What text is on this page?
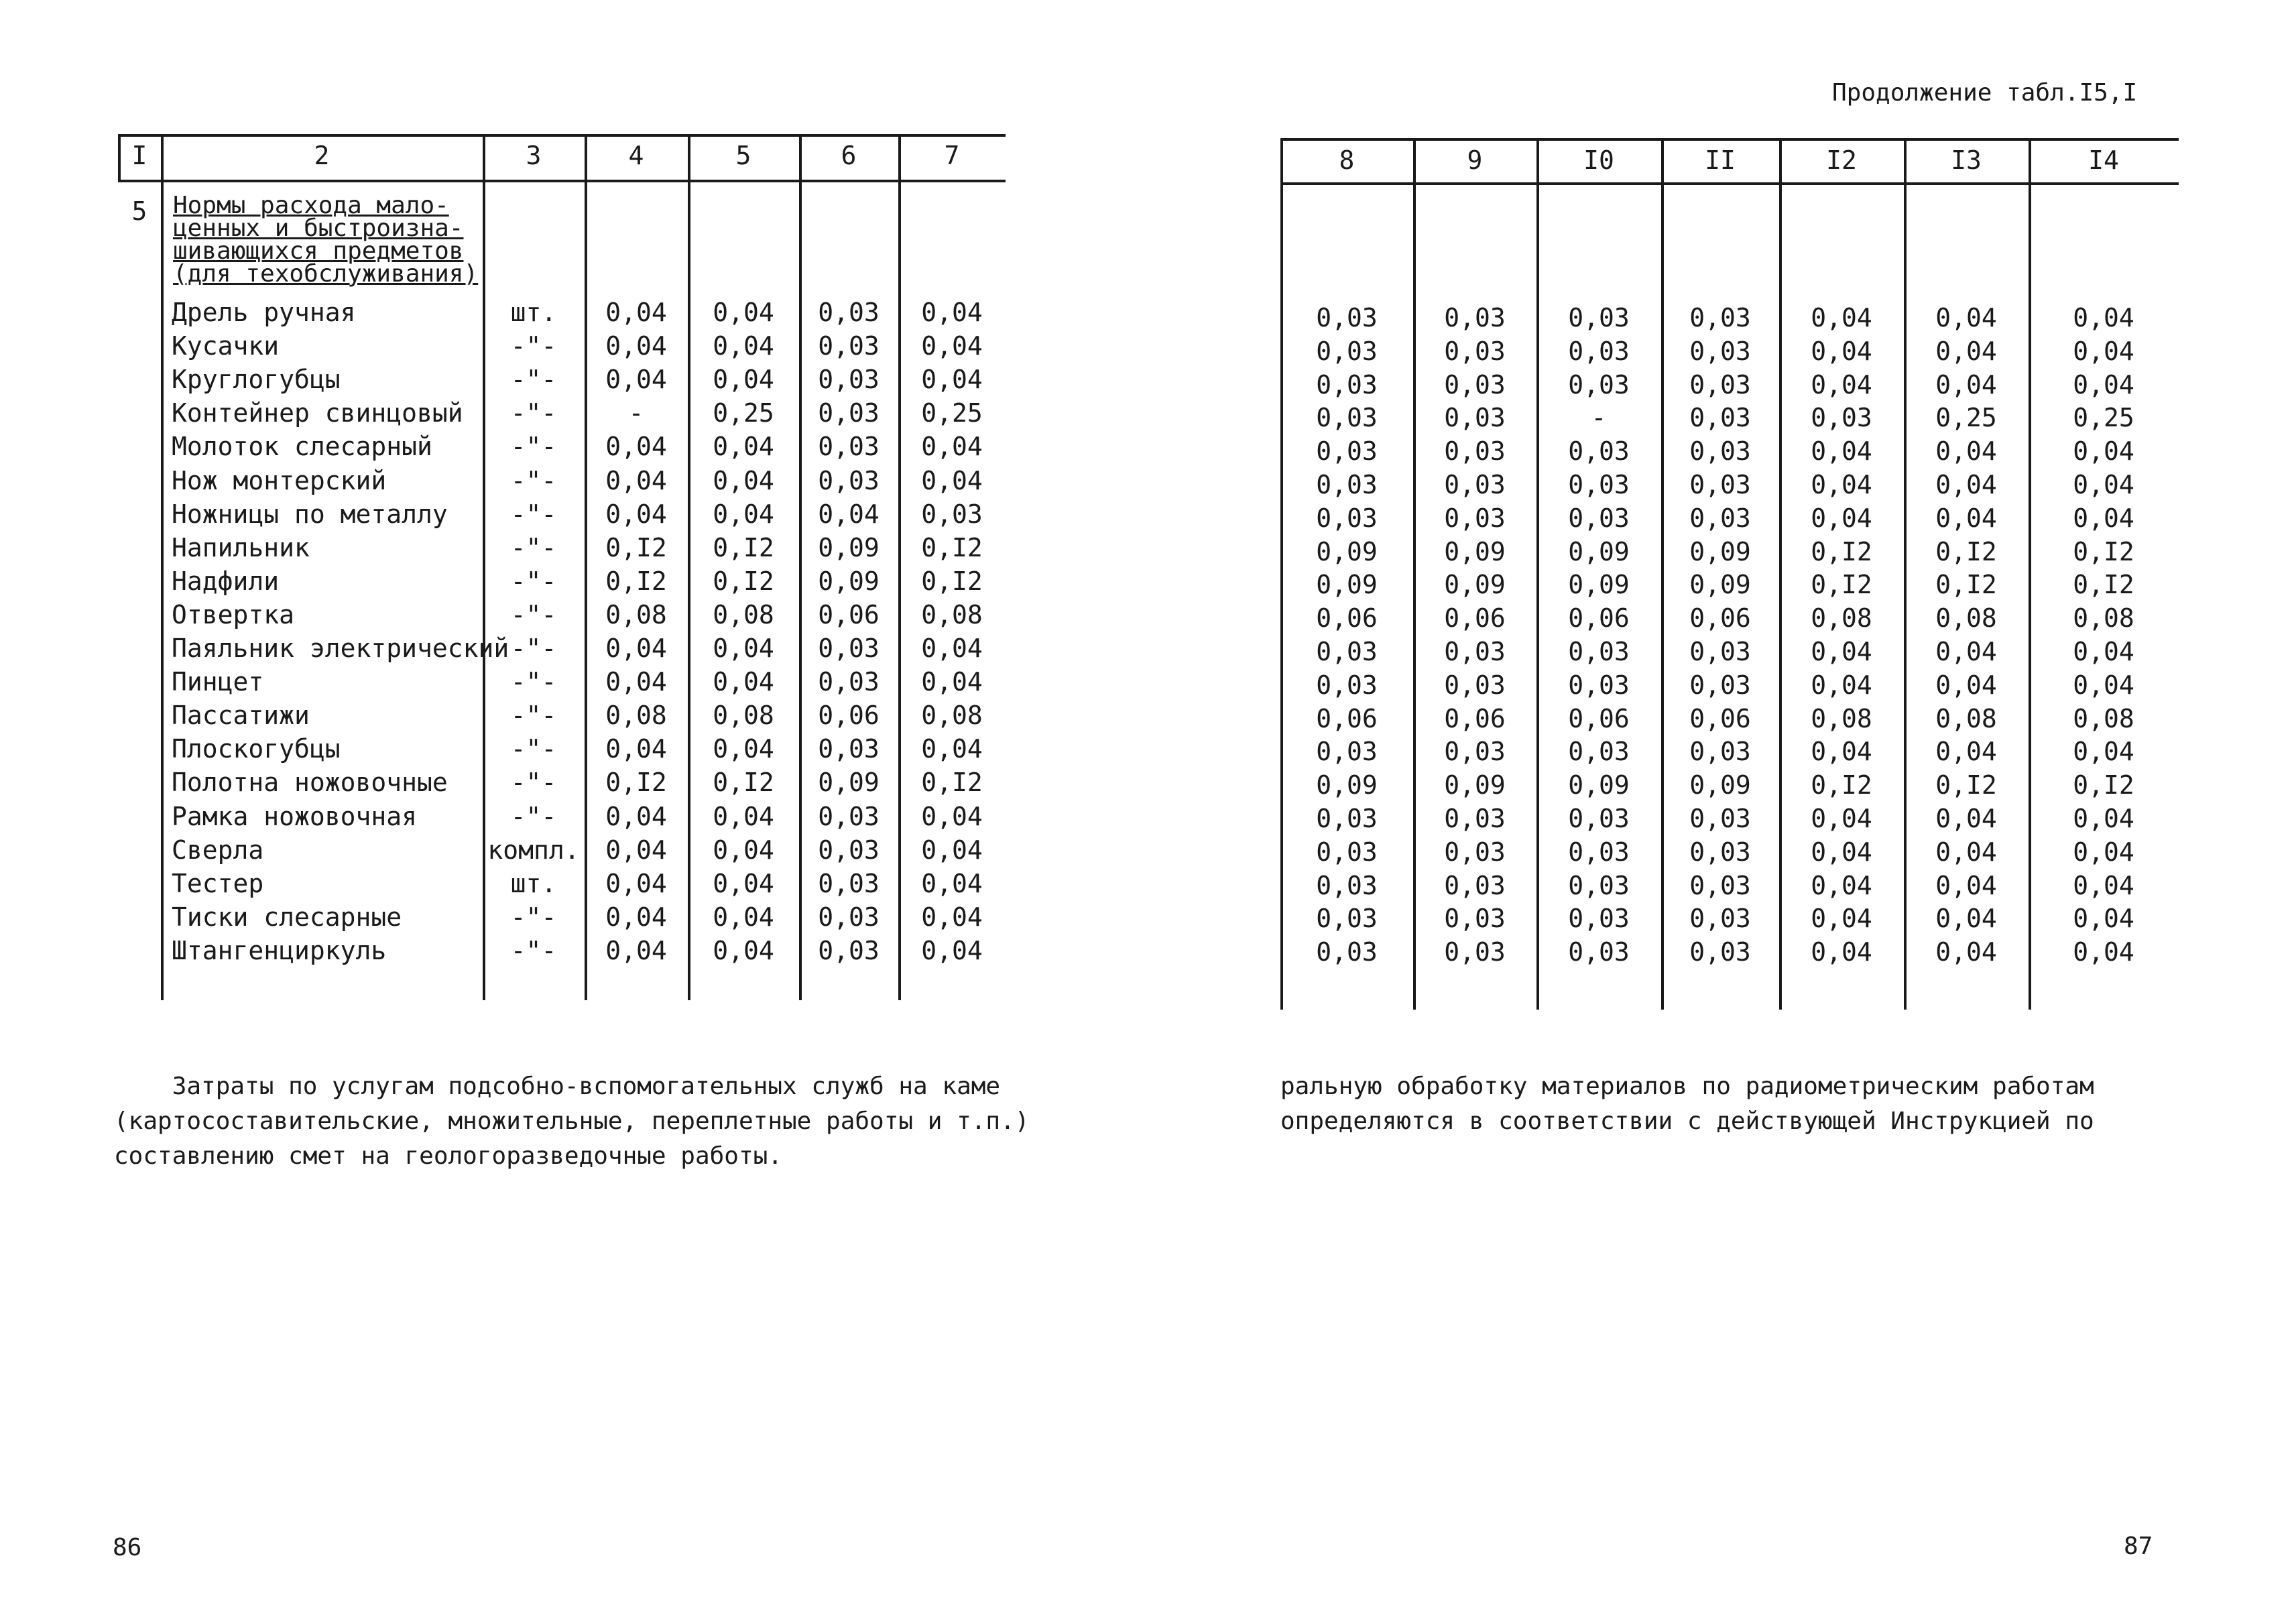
I	2	3	4	5	6	7
5	Нормы расхода мало-
ценных и быстроизна-
шивающихся предметов
(для техобслуживания)
Дрель ручная	шт.	0,04	0,04	0,03	0,04
Кусачки	-"-	0,04	0,04	0,03	0,04
Круглогубцы	-"-	0,04	0,04	0,03	0,04
Контейнер свинцовый	-"-	-	0,25	0,03	0,25
Молоток слесарный	-"-	0,04	0,04	0,03	0,04
Нож монтерский	-"-	0,04	0,04	0,03	0,04
Ножницы по металлу	-"-	0,04	0,04	0,04	0,03
Напильник	-"-	0,I2	0,I2	0,09	0,I2
Надфили	-"-	0,I2	0,I2	0,09	0,I2
Отвертка	-"-	0,08	0,08	0,06	0,08
Паяльник электрический -"-	0,04	0,04	0,03	0,04
Пинцет	-"-	0,04	0,04	0,03	0,04
Пассатижи	-"-	0,08	0,08	0,06	0,08
Плоскогубцы	-"-	0,04	0,04	0,03	0,04
Полотна ножовочные	-"-	0,I2	0,I2	0,09	0,I2
Рамка ножовочная	-"-	0,04	0,04	0,03	0,04
Сверла	компл.	0,04	0,04	0,03	0,04
Тестер	шт.	0,04	0,04	0,03	0,04
Тиски слесарные	-"-	0,04	0,04	0,03	0,04
Штангенциркуль	-"-	0,04	0,04	0,03	0,04
Затраты по услугам подсобно-вспомогательных служб на каме
(картосоставительские, множительные, переплетные работы и т.п.)
составлению смет на геологоразведочные работы.
86
Продолжение табл.I5,I
8	9	I0	II	I2	I3	I4
0,03	0,03	0,03	0,03	0,04	0,04	0,04
0,03	0,03	0,03	0,03	0,04	0,04	0,04
0,03	0,03	0,03	0,03	0,04	0,04	0,04
0,03	0,03	-	0,03	0,03	0,25	0,25
0,03	0,03	0,03	0,03	0,04	0,04	0,04
0,03	0,03	0,03	0,03	0,04	0,04	0,04
0,03	0,03	0,03	0,03	0,04	0,04	0,04
0,09	0,09	0,09	0,09	0,I2	0,I2	0,I2
0,09	0,09	0,09	0,09	0,I2	0,I2	0,I2
0,06	0,06	0,06	0,06	0,08	0,08	0,08
0,03	0,03	0,03	0,03	0,04	0,04	0,04
0,03	0,03	0,03	0,03	0,04	0,04	0,04
0,06	0,06	0,06	0,06	0,08	0,08	0,08
0,03	0,03	0,03	0,03	0,04	0,04	0,04
0,09	0,09	0,09	0,09	0,I2	0,I2	0,I2
0,03	0,03	0,03	0,03	0,04	0,04	0,04
0,03	0,03	0,03	0,03	0,04	0,04	0,04
0,03	0,03	0,03	0,03	0,04	0,04	0,04
0,03	0,03	0,03	0,03	0,04	0,04	0,04
0,03	0,03	0,03	0,03	0,04	0,04	0,04
ральную обработку материалов по радиометрическим работам
определяются в соответствии с действующей Инструкцией по
87
